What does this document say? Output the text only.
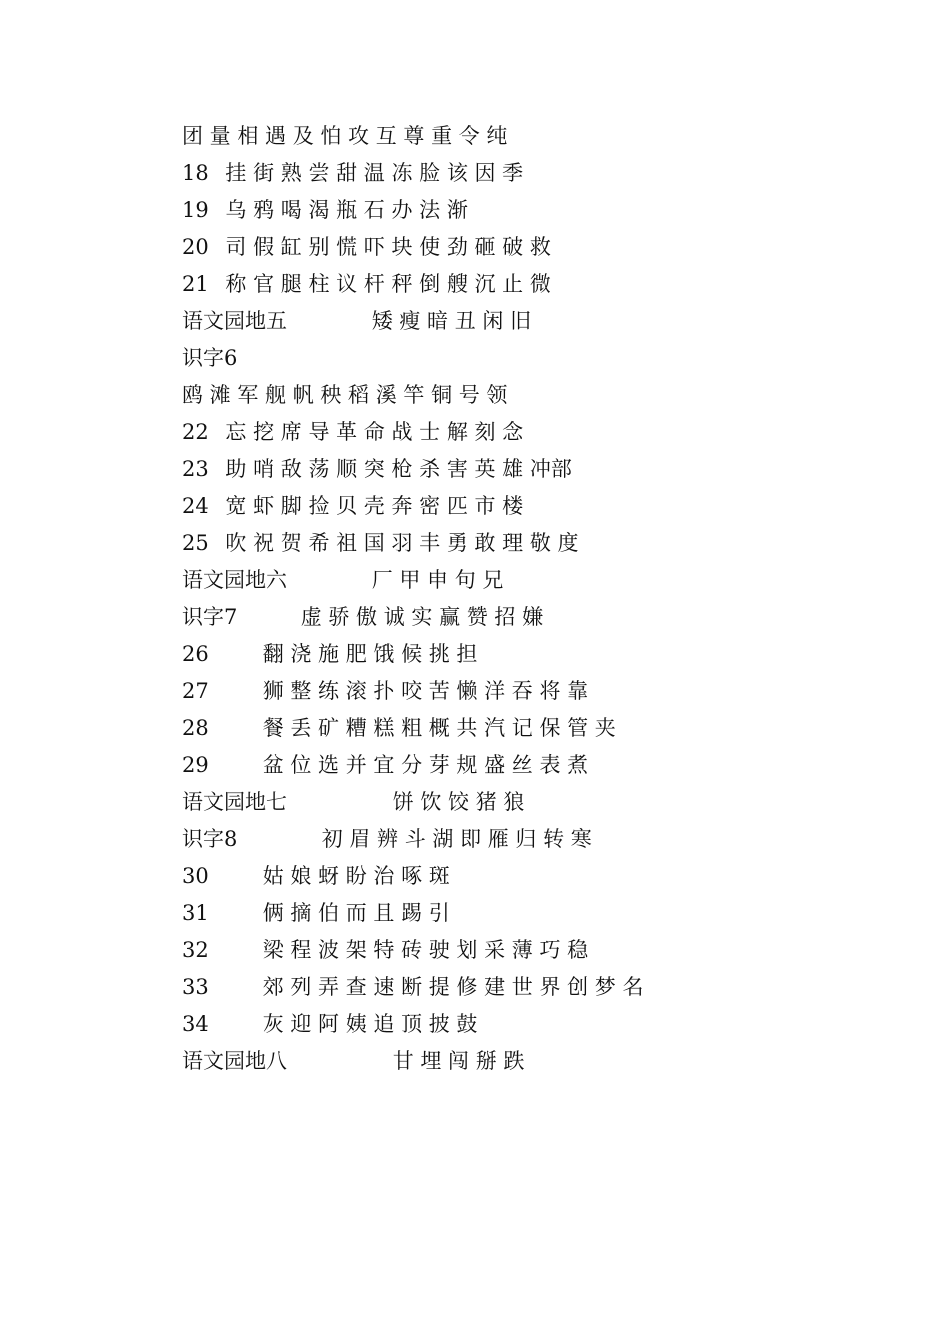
团 量 相 遇 及 怕 攻 互 尊 重 令 纯
18 挂 街 熟 尝 甜 温 冻 脸 该 因 季
19 乌 鸦 喝 渴 瓶 石 办 法 渐
20 司 假 缸 别 慌 吓 块 使 劲 砸 破 救
21 称 官 腿 柱 议 杆 秤 倒 艘 沉 止 微
语文园地五	矮 瘦 暗 丑 闲 旧
识字6
鸥 滩 军 舰 帆 秧 稻 溪 竿 铜 号 领
22 忘 挖 席 导 革 命 战 士 解 刻 念
23 助 哨 敌 荡 顺 突 枪 杀 害 英 雄 冲部
24 宽 虾 脚 捡 贝 壳 奔 密 匹 市 楼
25 吹 祝 贺 希 祖 国 羽 丰 勇 敢 理 敬 度
语文园地六	厂 甲 申 句 兄
识字7	虚 骄 傲 诚 实 赢 赞 招 嫌
26	翻 浇 施 肥 饿 候 挑 担
27	狮 整 练 滚 扑 咬 苦 懒 洋 吞 将 靠
28	餐 丢 矿 糟 糕 粗 概 共 汽 记 保 管 夹
29	盆 位 选 并 宜 分 芽 规 盛 丝 表 煮
语文园地七	饼 饮 饺 猪 狼
识字8	初 眉 辨 斗 湖 即 雁 归 转 寒
30	姑 娘 蚜 盼 治 啄 斑
31	俩 摘 伯 而 且 踢 引
32	梁 程 波 架 特 砖 驶 划 采 薄 巧 稳
33	郊 列 弄 查 速 断 提 修 建 世 界 创 梦 名
34	灰 迎 阿 姨 追 顶 披 鼓
语文园地八	甘 埋 闯 掰 跌
